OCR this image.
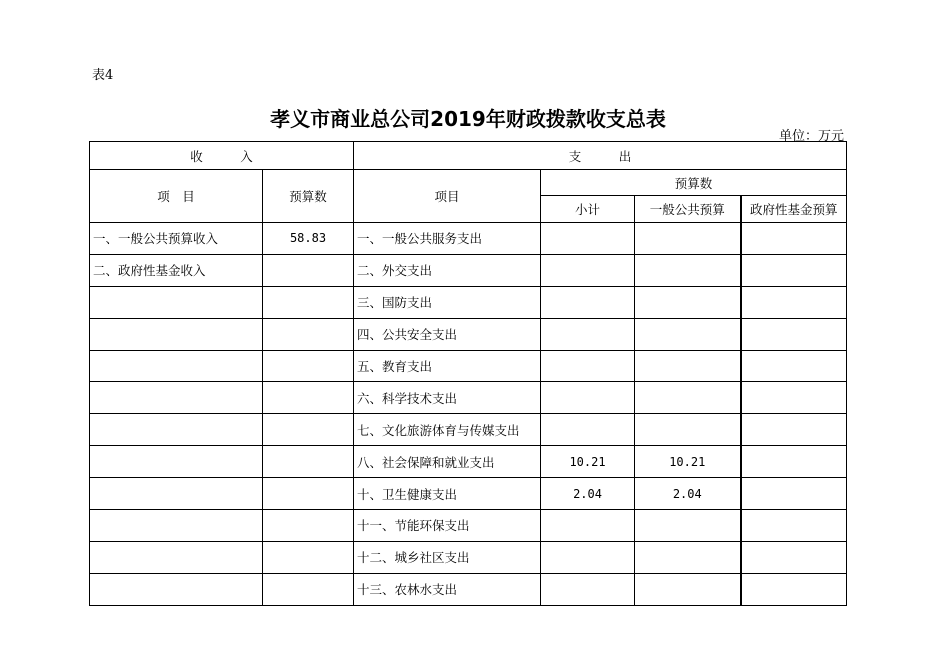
表4
孝义市商业总公司2019年财政拨款收支总表
单位：万元
收　　　入		支　　　出			
项　目	预算数	项目	预算数		
			小计	一般公共预算	政府性基金预算
一、一般公共预算收入	58.83	一、一般公共服务支出			
二、政府性基金收入		二、外交支出			
		三、国防支出			
		四、公共安全支出			
		五、教育支出			
		六、科学技术支出			
		七、文化旅游体育与传媒支出			
		八、社会保障和就业支出	10.21	10.21	
		十、卫生健康支出	2.04	2.04	
		十一、节能环保支出			
		十二、城乡社区支出			
		十三、农林水支出			
